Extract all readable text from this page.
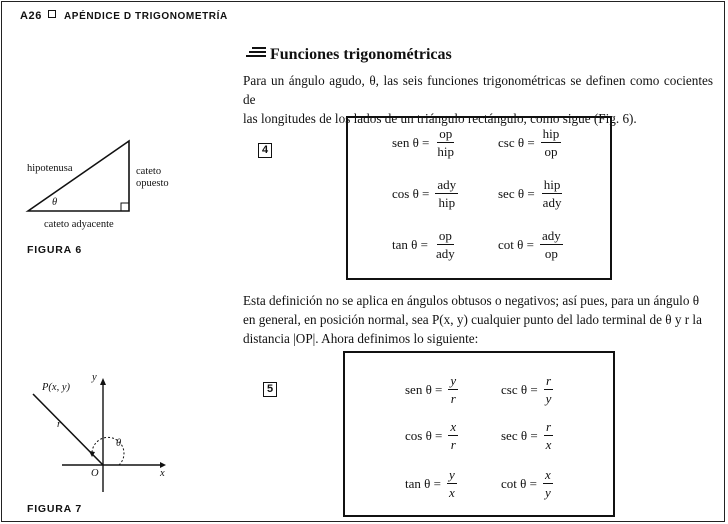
A26 APÉNDICE D TRIGONOMETRÍA
Funciones trigonométricas
Para un ángulo agudo, θ, las seis funciones trigonométricas se definen como cocientes de
las longitudes de los lados de un triángulo rectángulo, como sigue (Fig. 6).
4
sen $\theta = \frac{op}{\text{hip}}$	$\csc \theta = \frac{\text{hip}}{op}$
$\cos \theta = \frac{\text{ady}}{\text{hip}}$	$\sec \theta = \frac{\text{hip}}{\text{ady}}$
$\tan \theta = \frac{op}{\text{ady}}$	$\cot \theta = \frac{\text{ady}}{op}$
hipotenusa	cateto
opuesto
θ
cateto adyacente
FIGURA 6
Esta definición no se aplica en ángulos obtusos o negativos; así pues, para un ángulo θ
en general, en posición normal, sea P(x, y) cualquier punto del lado terminal de θ y r la
distancia |OP|. Ahora definimos lo siguiente:
5	sen $\theta = \frac{y}{r}$	$\csc \theta = \frac{r}{y}$
$\cos \theta = \frac{x}{r}$	$\sec \theta = \frac{r}{x}$
$\tan \theta = \frac{y}{x}$	$\cot \theta = \frac{x}{y}$
P(x, y)
r
θ
O	x
y
FIGURA 7
